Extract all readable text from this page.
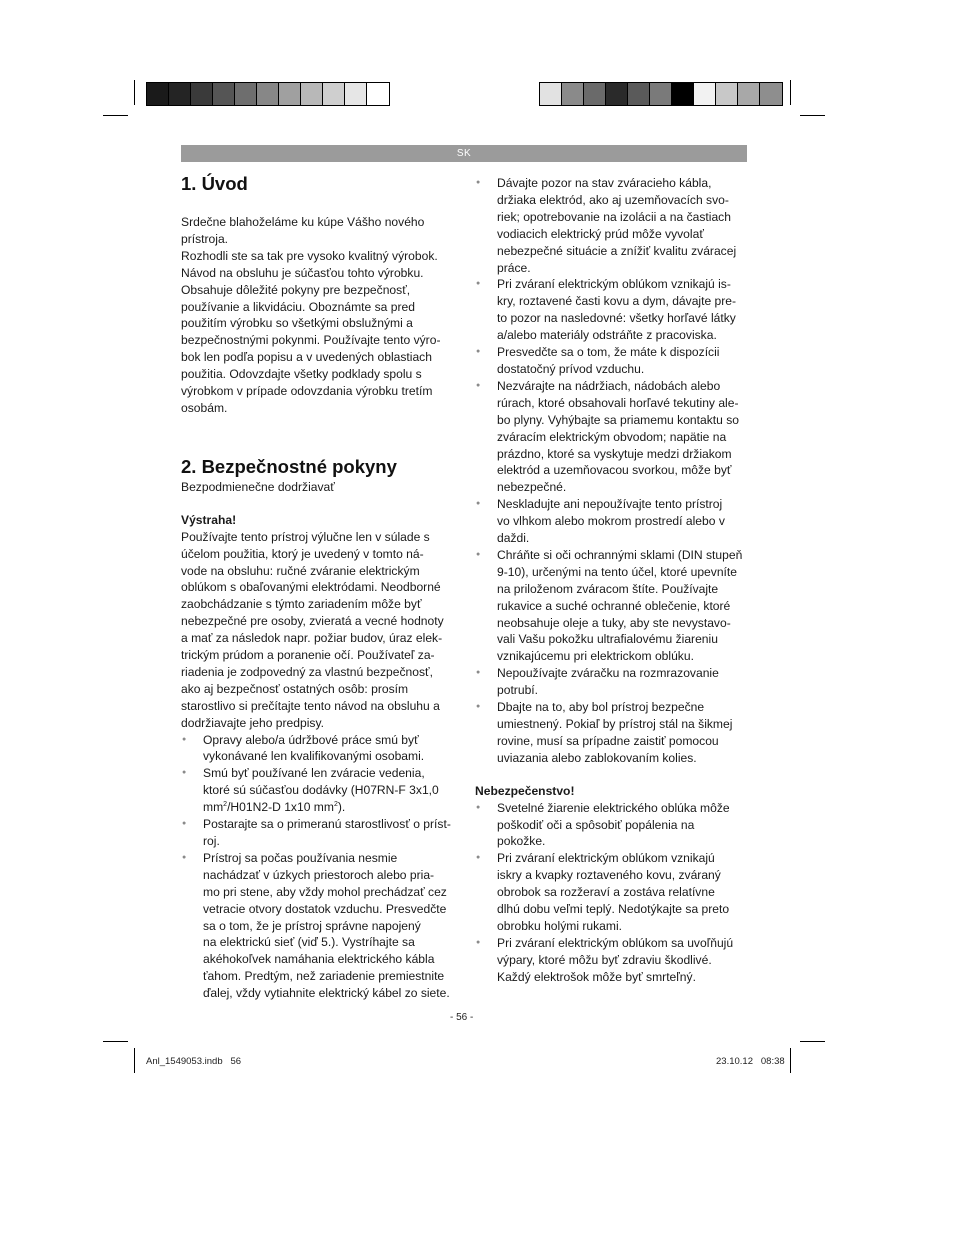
SK
1. Úvod
Srdečne blahoželáme ku kúpe Vášho nového
prístroja.
Rozhodli ste sa tak pre vysoko kvalitný výrobok.
Návod na obsluhu je súčasťou tohto výrobku.
Obsahuje dôležité pokyny pre bezpečnosť,
používanie a likvidáciu. Oboznámte sa pred
použitím výrobku so všetkými obslužnými a
bezpečnostnými pokynmi. Používajte tento výro-
bok len podľa popisu a v uvedených oblastiach
použitia. Odovzdajte všetky podklady spolu s
výrobkom v prípade odovzdania výrobku tretím
osobám.
2. Bezpečnostné pokyny

Bezpodmienečne dodržiavať

Výstraha!

Používajte tento prístroj výlučne len v súlade s
účelom použitia, ktorý je uvedený v tomto ná-
vode na obsluhu: ručné zváranie elektrickým
oblúkom s obaľovanými elektródami. Neodborné
zaobchádzanie s týmto zariadením môže byť
nebezpečné pre osoby, zvieratá a vecné hodnoty
a mať za následok napr. požiar budov, úraz elek-
trickým prúdom a poranenie očí. Používateľ za-
riadenia je zodpovedný za vlastnú bezpečnosť,
ako aj bezpečnosť ostatných osôb: prosím
starostlivo si prečítajte tento návod na obsluhu a
dodržiavajte jeho predpisy.
● Opravy alebo/a údržbové práce smú byť
vykonávané len kvalifikovanými osobami.
● Smú byť používané len zváracie vedenia,
ktoré sú súčasťou dodávky (H07RN-F 3x1,0
$mm^2/H01N2-D$ 1x10 $mm^2$).
● Postarajte sa o primeranú starostlivosť o príst-
roj.
● Prístroj sa počas používania nesmie
nachádzať v úzkych priestoroch alebo pria-
mo pri stene, aby vždy mohol prechádzať cez
vetracie otvory dostatok vzduchu. Presvedčte
sa o tom, že je prístroj správne napojený
na elektrickú sieť (viď 5.). Vystríhajte sa
akéhokoľvek namáhania elektrického kábla
ťahom. Predtým, než zariadenie premiestnite
ďalej, vždy vytiahnite elektrický kábel zo siete.
● Dávajte pozor na stav zváracieho kábla,
držiaka elektród, ako aj uzemňovacích svo-
riek; opotrebovanie na izolácii a na častiach
vodiacich elektrický prúd môže vyvolať
nebezpečné situácie a znížiť kvalitu zváracej
práce.
● Pri zváraní elektrickým oblúkom vznikajú is-
kry, roztavené časti kovu a dym, dávajte pre-
to pozor na nasledovné: všetky horľavé látky
a/alebo materiály odstráňte z pracoviska.
● Presvedčte sa o tom, že máte k dispozícii
dostatočný prívod vzduchu.
● Nezvárajte na nádržiach, nádobách alebo
rúrach, ktoré obsahovali horľavé tekutiny ale-
bo plyny. Vyhýbajte sa priamemu kontaktu so
zváracím elektrickým obvodom; napätie na
prázdno, ktoré sa vyskytuje medzi držiakom
elektród a uzemňovacou svorkou, môže byť
nebezpečné.
● Neskladujte ani nepoužívajte tento prístroj
vo vlhkom alebo mokrom prostredí alebo v
daždi.
● Chráňte si oči ochrannými sklami (DIN stupeň
9-10), určenými na tento účel, ktoré upevníte
na priloženom zváracom štíte. Používajte
rukavice a suché ochranné oblečenie, ktoré
neobsahuje oleje a tuky, aby ste nevystavo-
vali Vašu pokožku ultrafialovému žiareniu
vznikajúcemu pri elektrickom oblúku.
● Nepoužívajte zváračku na rozmrazovanie
potrubí.
● Dbajte na to, aby bol prístroj bezpečne
umiestnený. Pokiaľ by prístroj stál na šikmej
rovine, musí sa prípadne zaistiť pomocou
uviazania alebo zablokovaním kolies.

Nebezpečenstvo!

● Svetelné žiarenie elektrického oblúka môže
poškodiť oči a spôsobiť popálenia na
pokožke.
● Pri zváraní elektrickým oblúkom vznikajú
iskry a kvapky roztaveného kovu, zváraný
obrobok sa rozžeraví a zostáva relatívne
dlhú dobu veľmi teplý. Nedotýkajte sa preto
obrobku holými rukami.
● Pri zváraní elektrickým oblúkom sa uvoľňujú
výpary, ktoré môžu byť zdraviu škodlivé.
Každý elektrošok môže byť smrteľný.
- 56 -
Anl_1549053.indb   56	23.10.12   08:38
